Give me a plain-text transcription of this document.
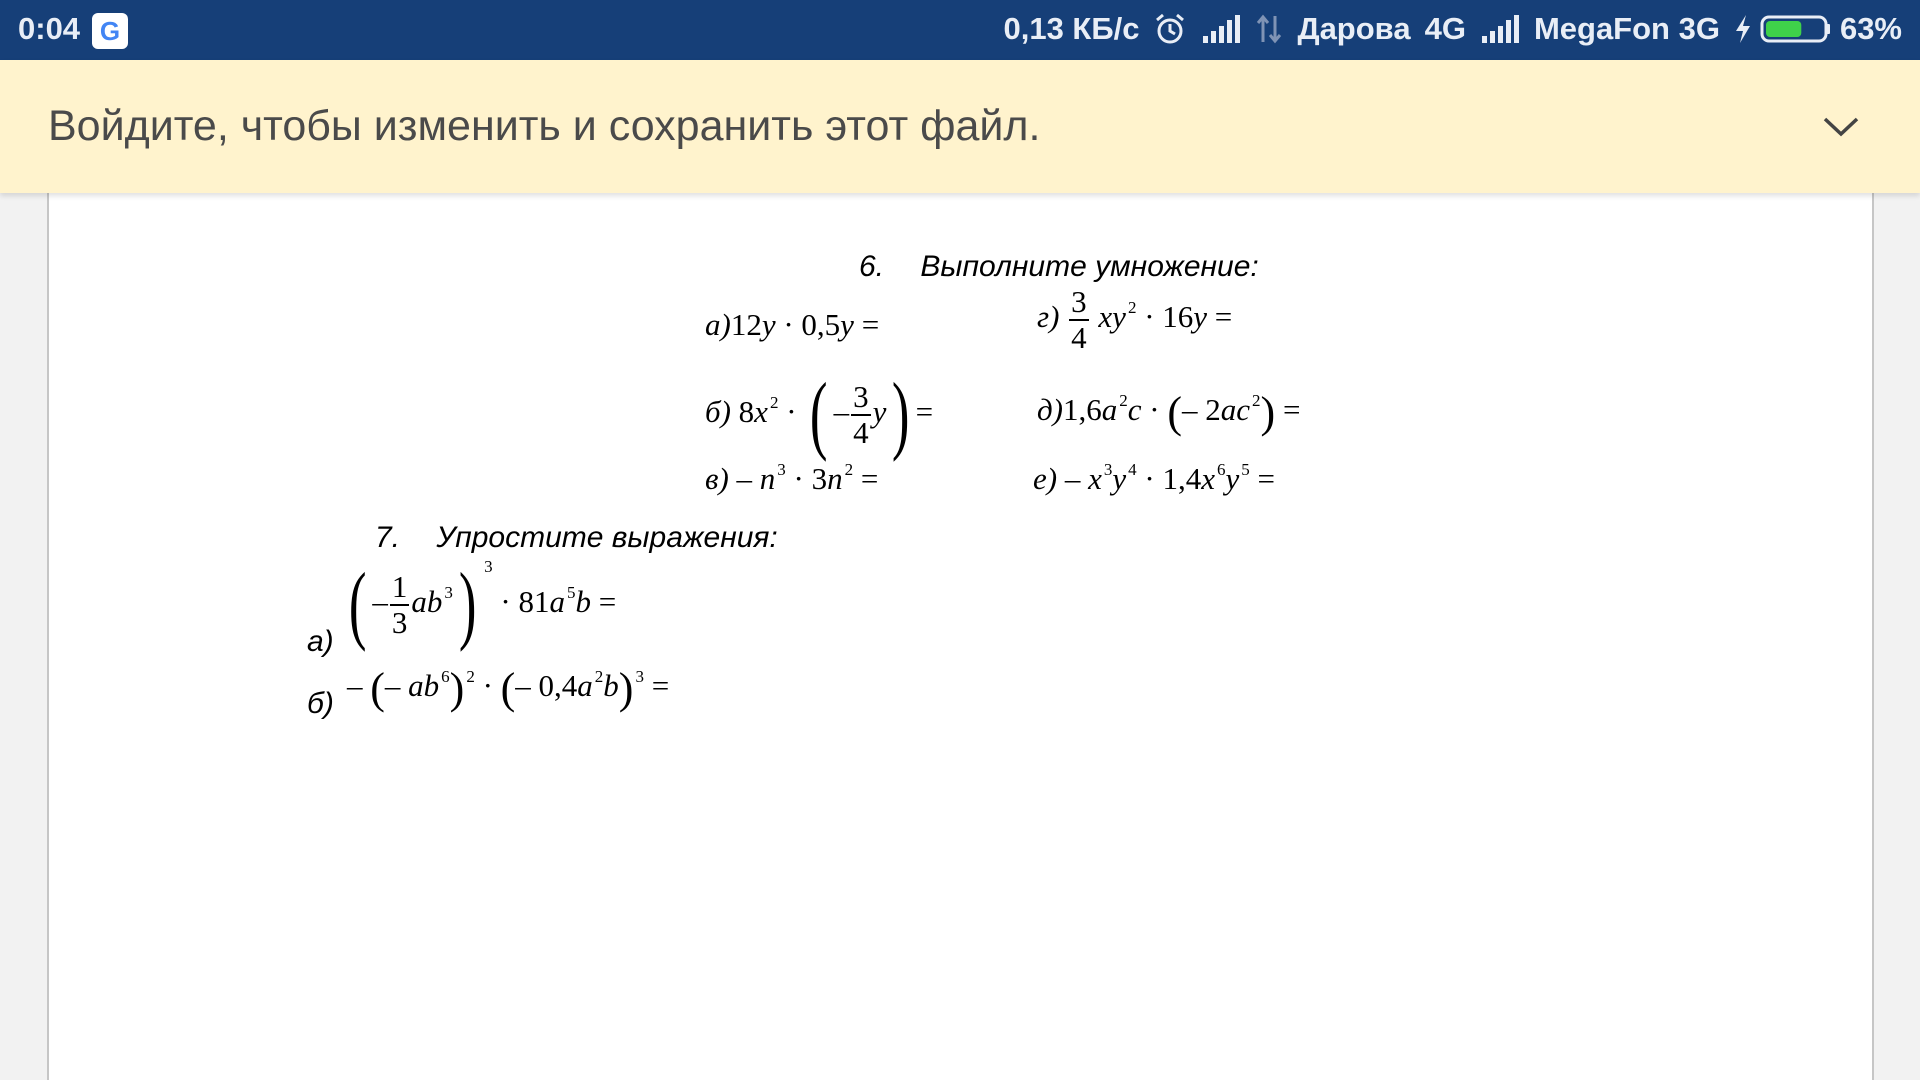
0:04 G	0,13 КБ/с	Дарова 4G MegaFon 3G	63%
Войдите, чтобы изменить и сохранить этот файл.
6. Выполните умножение:
а)12y · 0,5y =	$г) \frac{3}{4}$ xy $^2$ · 16y =
б) 8x $^2$ · ( – $\frac{3}{4} y$) =	д)1,6a $^2$c · (– 2ac $^2$) =
в) – n $^3$ · 3n $^2$ =	е) – x $^3$y $^4$ · 1,4x $^6$y $^5$ =
7. Упростите выражения:
а) ( – $\frac{1}{3}$ ab $^3$) $^3$ · 81a $^5$b =
б)
– (– ab $^6$) $^2$ · (– 0,4a $^2$b) $^3$ =
